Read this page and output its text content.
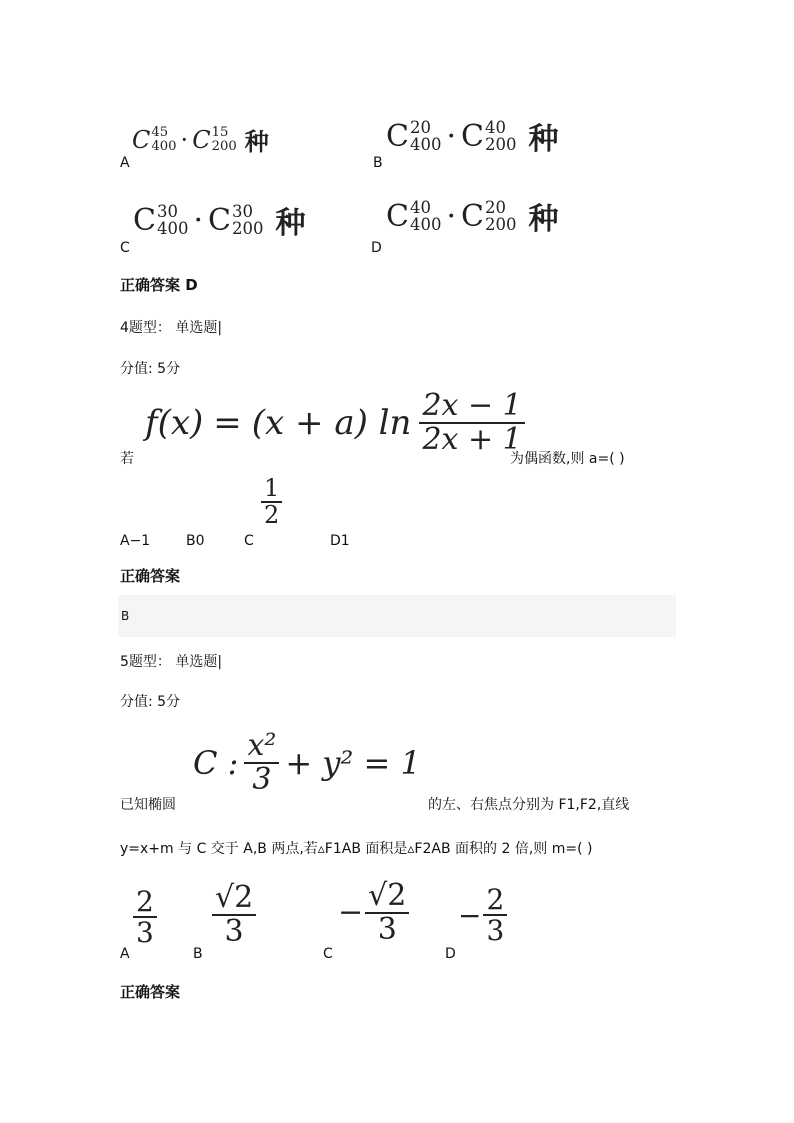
A
C 45
400 · C 15
200 种
B
C 20
400 · C 40
200 种
C
C 30
400 · C 30
200 种
D
C 40
400 · C 20
200 种
正确答案 D
4题型： 单选题|
分值: 5分
若
f(x) = (x + a) $\ln \frac{2x - 1}{2x + 1}$
为偶函数,则 a=( )
A−1	B0	C
$\frac{1}{2}$
D1
正确答案
B
5题型： 单选题|
分值: 5分
已知椭圆
C : $\frac{\text{x²}}{3} + y^2 = 1$
的左、右焦点分别为 F1,F2,直线
y=x+m 与 C 交于 A,B 两点,若▵F1AB 面积是▵F2AB 面积的 2 倍,则 m=( )
A
$\frac{2}{3}$
B
$\frac{√2}{3}$
C
− $\frac{√2}{3}$
D
− $\frac{2}{3}$
正确答案
